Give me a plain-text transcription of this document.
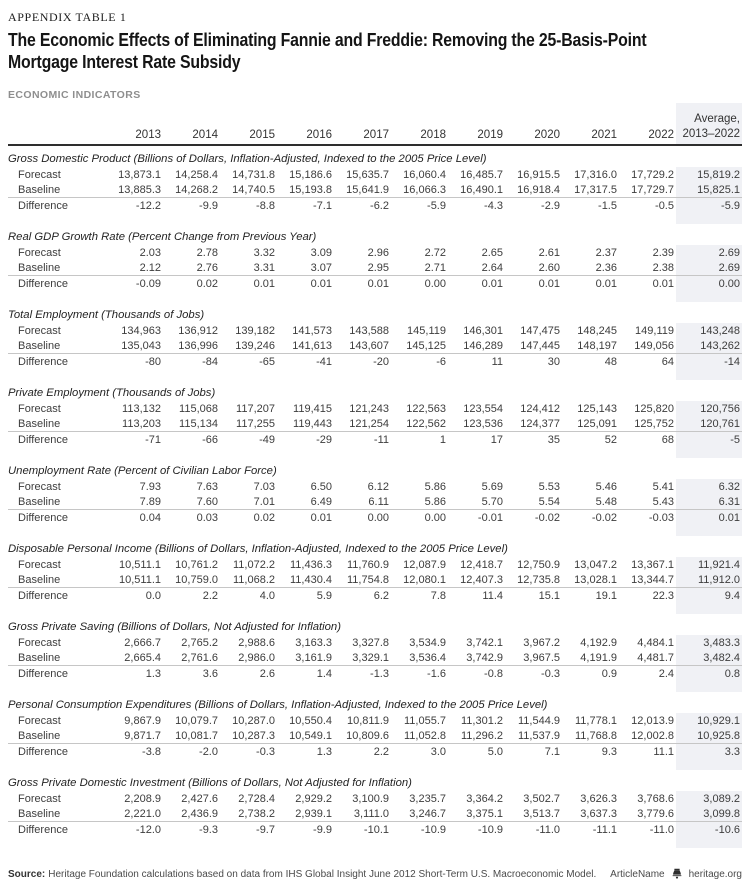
APPENDIX TABLE 1
The Economic Effects of Eliminating Fannie and Freddie: Removing the 25-Basis-Point
Mortgage Interest Rate Subsidy
ECONOMIC INDICATORS
	2013	2014	2015	2016	2017	2018	2019	2020	2021	2022	Average,
2013–2022
Gross Domestic Product (Billions of Dollars, Inflation-Adjusted, Indexed to the 2005 Price Level)											
Forecast	13,873.1	14,258.4	14,731.8	15,186.6	15,635.7	16,060.4	16,485.7	16,915.5	17,316.0	17,729.2	15,819.2
Baseline	13,885.3	14,268.2	14,740.5	15,193.8	15,641.9	16,066.3	16,490.1	16,918.4	17,317.5	17,729.7	15,825.1
Difference	-12.2	-9.9	-8.8	-7.1	-6.2	-5.9	-4.3	-2.9	-1.5	-0.5	-5.9

Real GDP Growth Rate (Percent Change from Previous Year)											
Forecast	2.03	2.78	3.32	3.09	2.96	2.72	2.65	2.61	2.37	2.39	2.69
Baseline	2.12	2.76	3.31	3.07	2.95	2.71	2.64	2.60	2.36	2.38	2.69
Difference	-0.09	0.02	0.01	0.01	0.01	0.00	0.01	0.01	0.01	0.01	0.00

Total Employment (Thousands of Jobs)											
Forecast	134,963	136,912	139,182	141,573	143,588	145,119	146,301	147,475	148,245	149,119	143,248
Baseline	135,043	136,996	139,246	141,613	143,607	145,125	146,289	147,445	148,197	149,056	143,262
Difference	-80	-84	-65	-41	-20	-6	11	30	48	64	-14

Private Employment (Thousands of Jobs)											
Forecast	113,132	115,068	117,207	119,415	121,243	122,563	123,554	124,412	125,143	125,820	120,756
Baseline	113,203	115,134	117,255	119,443	121,254	122,562	123,536	124,377	125,091	125,752	120,761
Difference	-71	-66	-49	-29	-11	1	17	35	52	68	-5

Unemployment Rate (Percent of Civilian Labor Force)											
Forecast	7.93	7.63	7.03	6.50	6.12	5.86	5.69	5.53	5.46	5.41	6.32
Baseline	7.89	7.60	7.01	6.49	6.11	5.86	5.70	5.54	5.48	5.43	6.31
Difference	0.04	0.03	0.02	0.01	0.00	0.00	-0.01	-0.02	-0.02	-0.03	0.01

Disposable Personal Income (Billions of Dollars, Inflation-Adjusted, Indexed to the 2005 Price Level)											
Forecast	10,511.1	10,761.2	11,072.2	11,436.3	11,760.9	12,087.9	12,418.7	12,750.9	13,047.2	13,367.1	11,921.4
Baseline	10,511.1	10,759.0	11,068.2	11,430.4	11,754.8	12,080.1	12,407.3	12,735.8	13,028.1	13,344.7	11,912.0
Difference	0.0	2.2	4.0	5.9	6.2	7.8	11.4	15.1	19.1	22.3	9.4

Gross Private Saving (Billions of Dollars, Not Adjusted for Inflation)											
Forecast	2,666.7	2,765.2	2,988.6	3,163.3	3,327.8	3,534.9	3,742.1	3,967.2	4,192.9	4,484.1	3,483.3
Baseline	2,665.4	2,761.6	2,986.0	3,161.9	3,329.1	3,536.4	3,742.9	3,967.5	4,191.9	4,481.7	3,482.4
Difference	1.3	3.6	2.6	1.4	-1.3	-1.6	-0.8	-0.3	0.9	2.4	0.8

Personal Consumption Expenditures (Billions of Dollars, Inflation-Adjusted, Indexed to the 2005 Price Level)											
Forecast	9,867.9	10,079.7	10,287.0	10,550.4	10,811.9	11,055.7	11,301.2	11,544.9	11,778.1	12,013.9	10,929.1
Baseline	9,871.7	10,081.7	10,287.3	10,549.1	10,809.6	11,052.8	11,296.2	11,537.9	11,768.8	12,002.8	10,925.8
Difference	-3.8	-2.0	-0.3	1.3	2.2	3.0	5.0	7.1	9.3	11.1	3.3

Gross Private Domestic Investment (Billions of Dollars, Not Adjusted for Inflation)											
Forecast	2,208.9	2,427.6	2,728.4	2,929.2	3,100.9	3,235.7	3,364.2	3,502.7	3,626.3	3,768.6	3,089.2
Baseline	2,221.0	2,436.9	2,738.2	2,939.1	3,111.0	3,246.7	3,375.1	3,513.7	3,637.3	3,779.6	3,099.8
Difference	-12.0	-9.3	-9.7	-9.9	-10.1	-10.9	-10.9	-11.0	-11.1	-11.0	-10.6

Source: Heritage Foundation calculations based on data from IHS Global Insight June 2012 Short-Term U.S. Macroeconomic Model. ArticleName heritage.org
